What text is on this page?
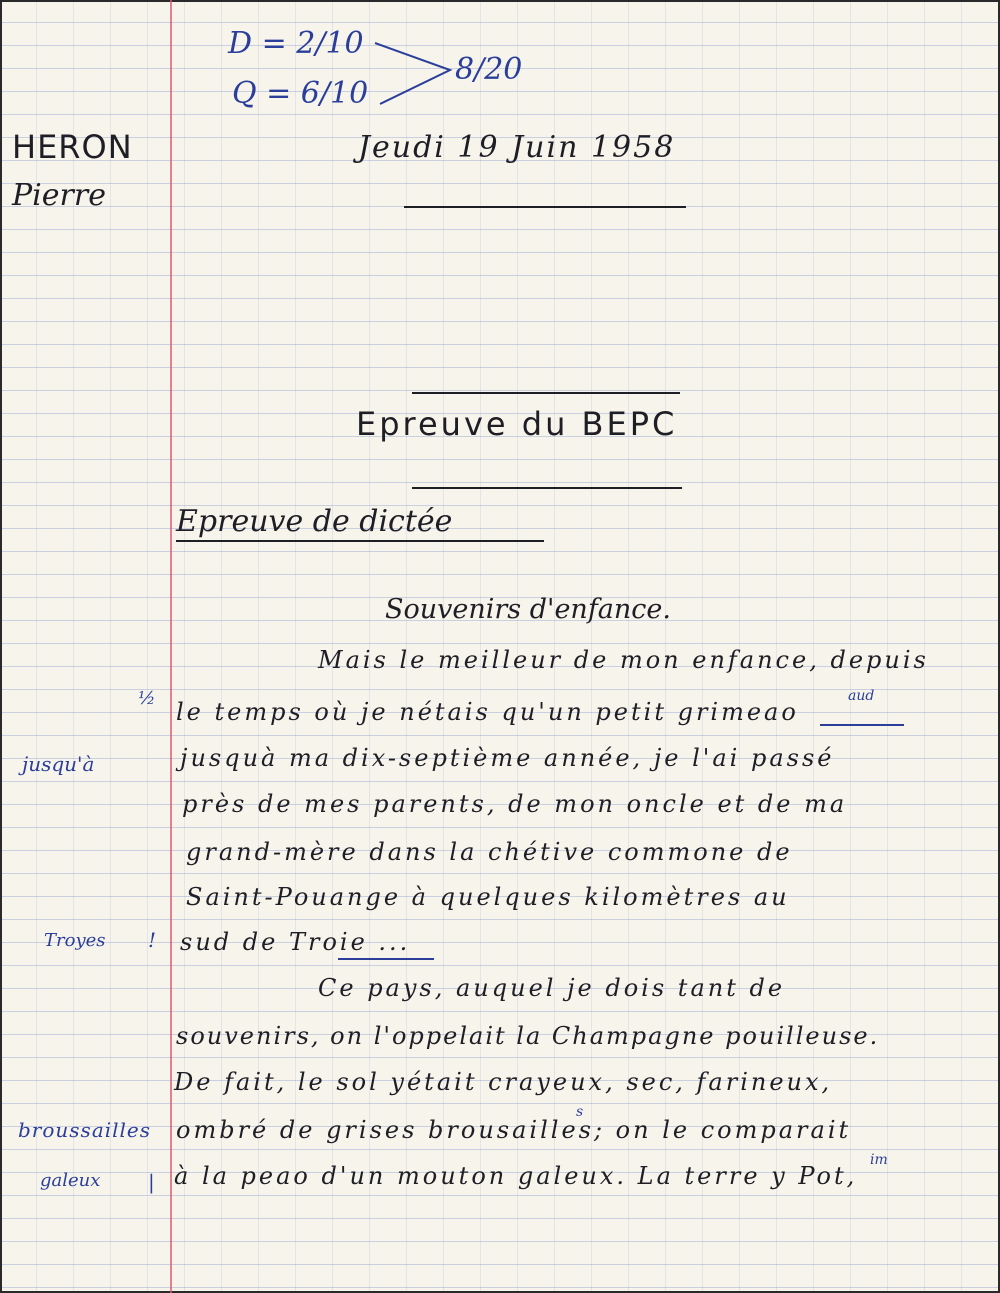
D = 2/10
Q = 6/10
8/20
HERON
Pierre
Jeudi 19 Juin 1958
Epreuve du BEPC
Epreuve de dictée
Souvenirs d'enfance.
Mais le meilleur de mon enfance, depuis
le temps où je nétais qu'un petit grimeao
jusquà ma dix-septième année, je l'ai passé
près de mes parents, de mon oncle et de ma
grand-mère dans la chétive commone de
Saint-Pouange à quelques kilomètres au
sud de Troie ...
Ce pays, auquel je dois tant de
souvenirs, on l'oppelait la Champagne pouilleuse.
De fait, le sol yétait crayeux, sec, farineux,
ombré de grises brousailles; on le comparait
à la peao d'un mouton galeux. La terre y Pot,
aud
s
im
½
jusqu'à
Troyes !
broussailles
galeux |
